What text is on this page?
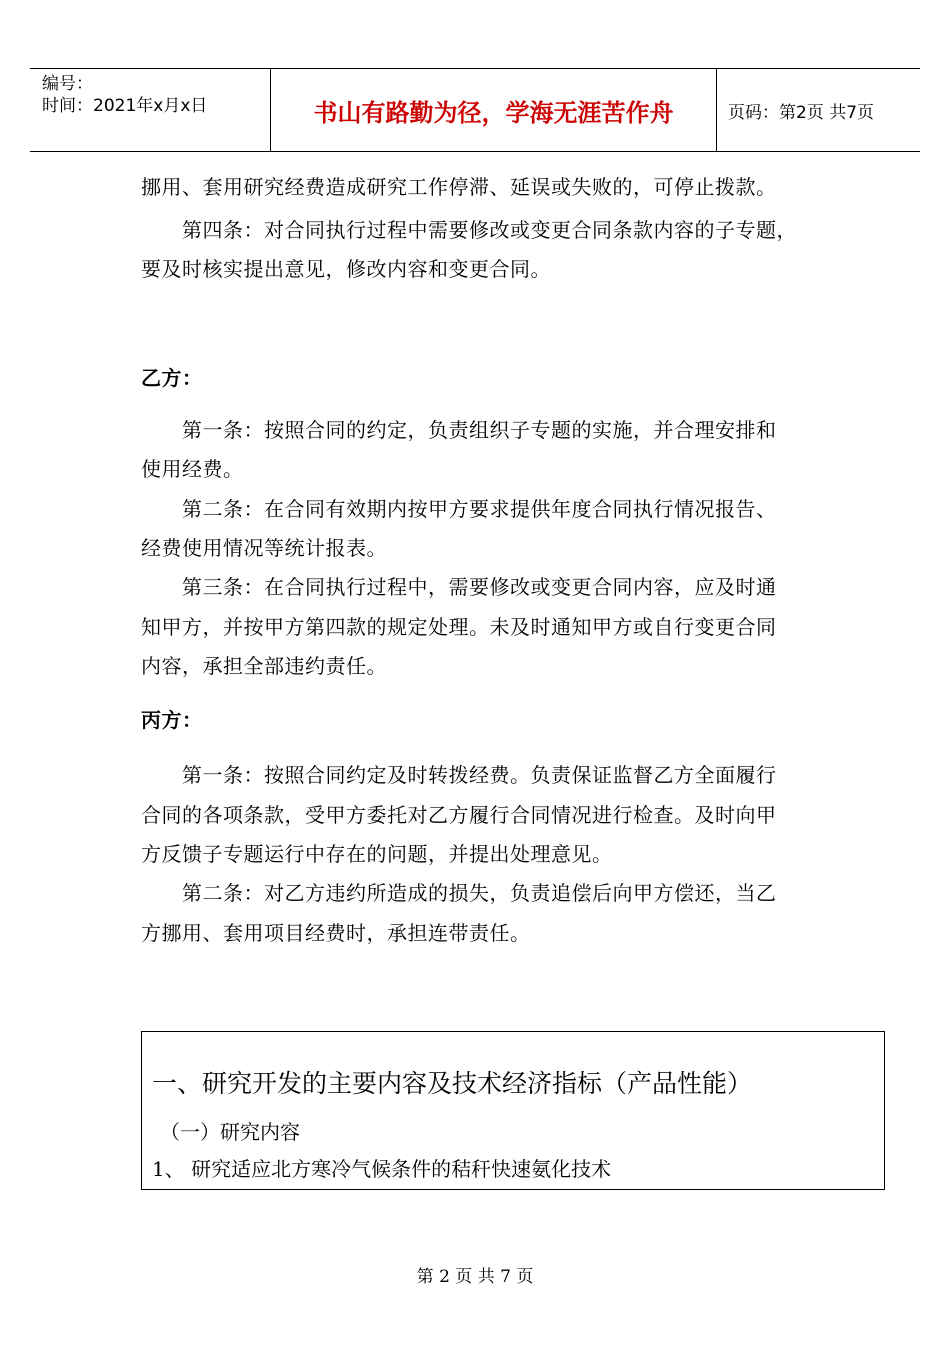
编号：
时间：2021年x月x日	书山有路勤为径，学海无涯苦作舟	页码：第2页 共7页
挪用、套用研究经费造成研究工作停滞、延误或失败的，可停止拨款。
　　第四条：对合同执行过程中需要修改或变更合同条款内容的子专题，
要及时核实提出意见，修改内容和变更合同。
乙方：
　　第一条：按照合同的约定，负责组织子专题的实施，并合理安排和
使用经费。
　　第二条：在合同有效期内按甲方要求提供年度合同执行情况报告、
经费使用情况等统计报表。
　　第三条：在合同执行过程中，需要修改或变更合同内容，应及时通
知甲方，并按甲方第四款的规定处理。未及时通知甲方或自行变更合同
内容，承担全部违约责任。
丙方：
　　第一条：按照合同约定及时转拨经费。负责保证监督乙方全面履行
合同的各项条款，受甲方委托对乙方履行合同情况进行检查。及时向甲
方反馈子专题运行中存在的问题，并提出处理意见。
　　第二条：对乙方违约所造成的损失，负责追偿后向甲方偿还，当乙
方挪用、套用项目经费时，承担连带责任。
一、研究开发的主要内容及技术经济指标（产品性能）
（一）研究内容
1、 研究适应北方寒冷气候条件的秸秆快速氨化技术
第 2 页 共 7 页
